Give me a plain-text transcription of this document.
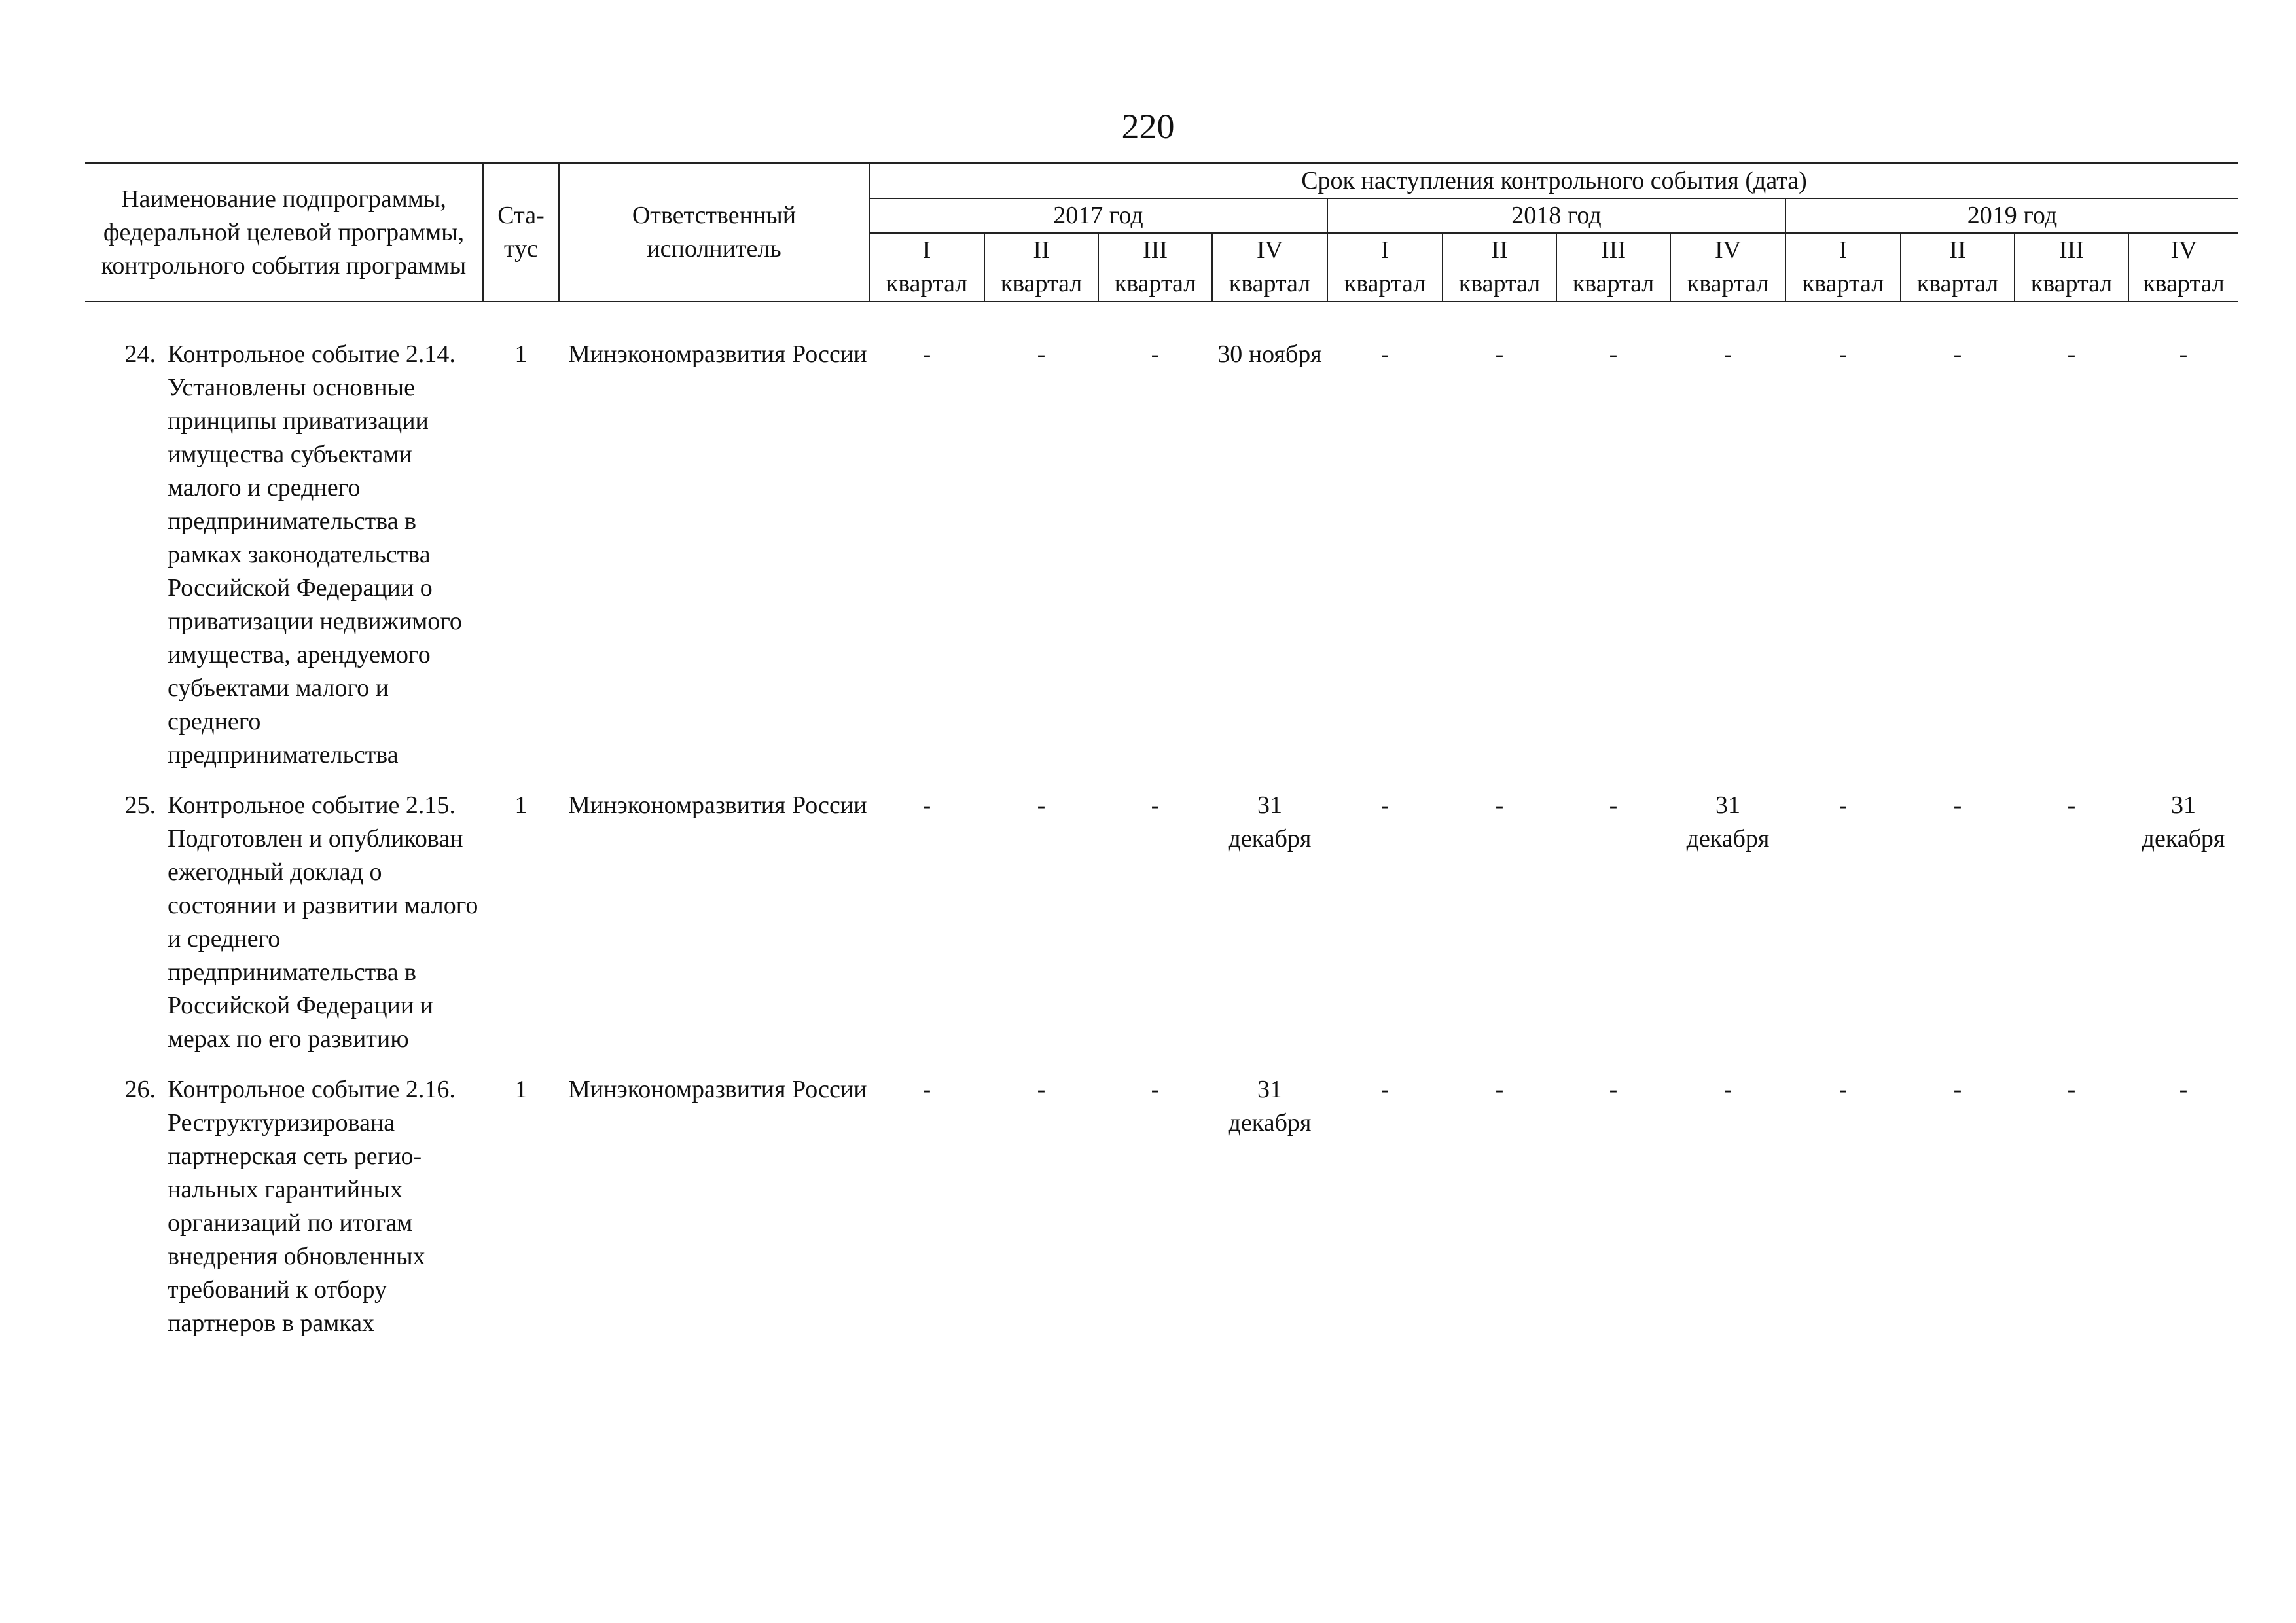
220
Наименование подпрограммы, федеральной целевой программы, контрольного события программы	Ста- тус	Ответственный исполнитель	Срок наступления контрольного события (дата)											
			2017 год				2018 год				2019 год			
			I	II	III	IV	I	II	III	IV	I	II	III	IV
			квартал	квартал	квартал	квартал	квартал	квартал	квартал	квартал	квартал	квартал	квартал	квартал

24. Контрольное событие 2.14. Установлены основные принципы приватизации имущества субъектами малого и среднего предпринимательства в рамках законодательства Российской Федерации о приватизации недвижимого имущества, арендуемого субъектами малого и среднего предпринимательства	1	Минэкономразвития России	-	-	-	30 ноября	-	-	-	-	-	-	-	-

25. Контрольное событие 2.15. Подготовлен и опубликован ежегодный доклад о состоянии и развитии малого и среднего предпринимательства в Российской Федерации и мерах по его развитию	1	Минэкономразвития России	-	-	-	31 декабря	-	-	-	31 декабря	-	-	-	31 декабря

26. Контрольное событие 2.16. Реструктуризирована партнерская сеть регио- нальных гарантийных организаций по итогам внедрения обновленных требований к отбору партнеров в рамках	1	Минэкономразвития России	-	-	-	31 декабря	-	-	-	-	-	-	-	-
